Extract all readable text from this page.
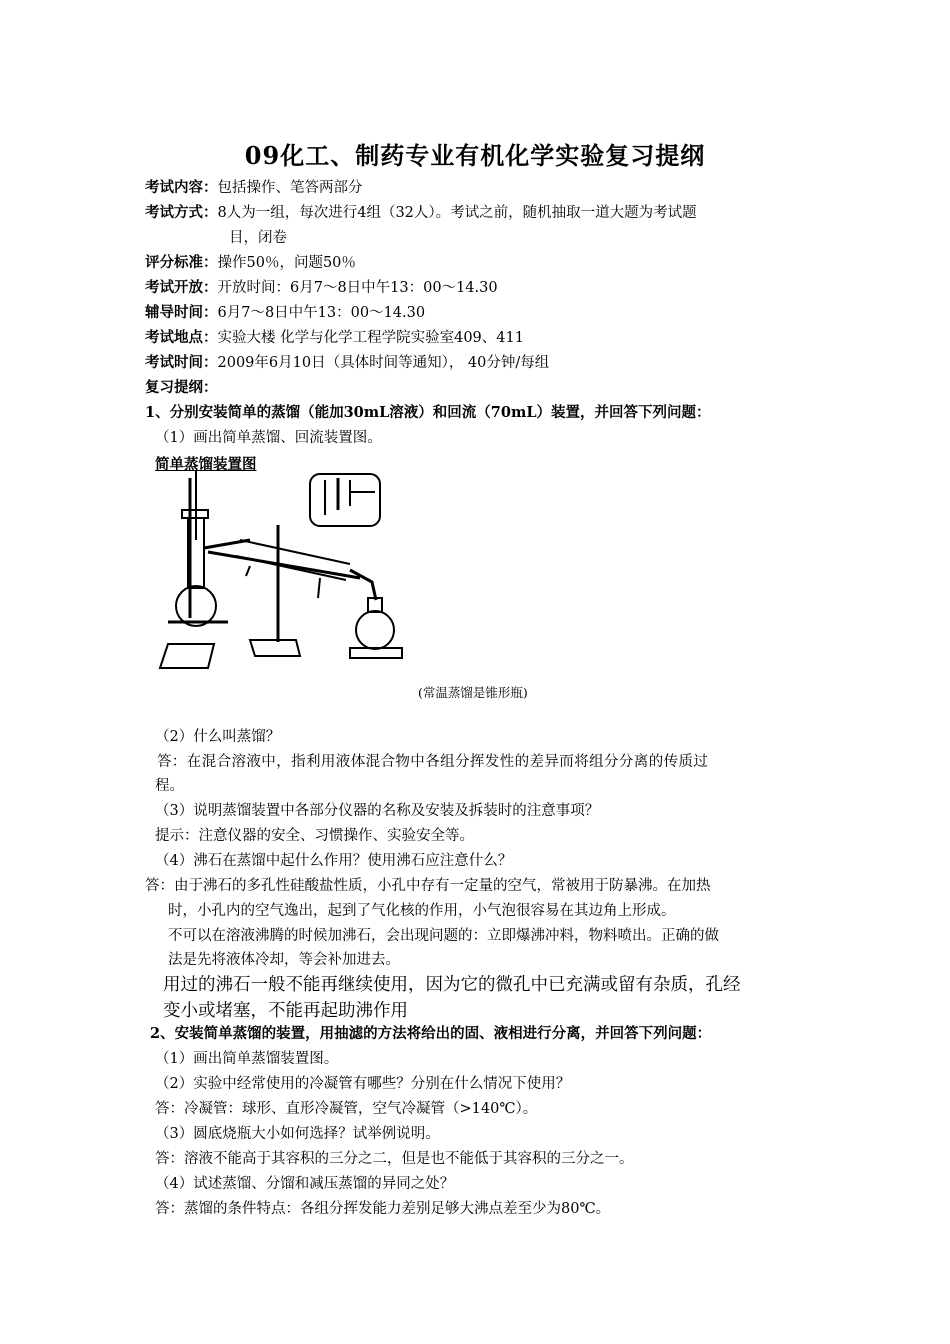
09化工、制药专业有机化学实验复习提纲
考试内容：包括操作、笔答两部分
考试方式：8人为一组，每次进行4组（32人）。考试之前，随机抽取一道大题为考试题
目，闭卷
评分标准：操作50％，问题50％
考试开放：开放时间：6月7～8日中午13：00～14.30
辅导时间：6月7～8日中午13：00～14.30
考试地点：实验大楼 化学与化学工程学院实验室409、411
考试时间：2009年6月10日（具体时间等通知）， 40分钟/每组
复习提纲：
1、分别安装简单的蒸馏（能加30mL溶液）和回流（70mL）装置，并回答下列问题：
（1）画出简单蒸馏、回流装置图。
简单蒸馏装置图
(常温蒸馏是锥形瓶)
（2）什么叫蒸馏？
答：在混合溶液中，指利用液体混合物中各组分挥发性的差异而将组分分离的传质过
程。
（3）说明蒸馏装置中各部分仪器的名称及安装及拆装时的注意事项？
提示：注意仪器的安全、习惯操作、实验安全等。
（4）沸石在蒸馏中起什么作用？使用沸石应注意什么？
答：由于沸石的多孔性硅酸盐性质，小孔中存有一定量的空气，常被用于防暴沸。在加热
时，小孔内的空气逸出，起到了气化核的作用，小气泡很容易在其边角上形成。
不可以在溶液沸腾的时候加沸石，会出现问题的：立即爆沸冲料，物料喷出。正确的做
法是先将液体冷却，等会补加进去。
用过的沸石一般不能再继续使用，因为它的微孔中已充满或留有杂质，孔经
变小或堵塞，不能再起助沸作用
2、安装简单蒸馏的装置，用抽滤的方法将给出的固、液相进行分离，并回答下列问题：
（1）画出简单蒸馏装置图。
（2）实验中经常使用的冷凝管有哪些？分别在什么情况下使用？
答：冷凝管：球形、直形冷凝管，空气冷凝管（>140℃）。
（3）圆底烧瓶大小如何选择？试举例说明。
答：溶液不能高于其容积的三分之二，但是也不能低于其容积的三分之一。
（4）试述蒸馏、分馏和减压蒸馏的异同之处？
答：蒸馏的条件特点：各组分挥发能力差别足够大沸点差至少为80℃。
